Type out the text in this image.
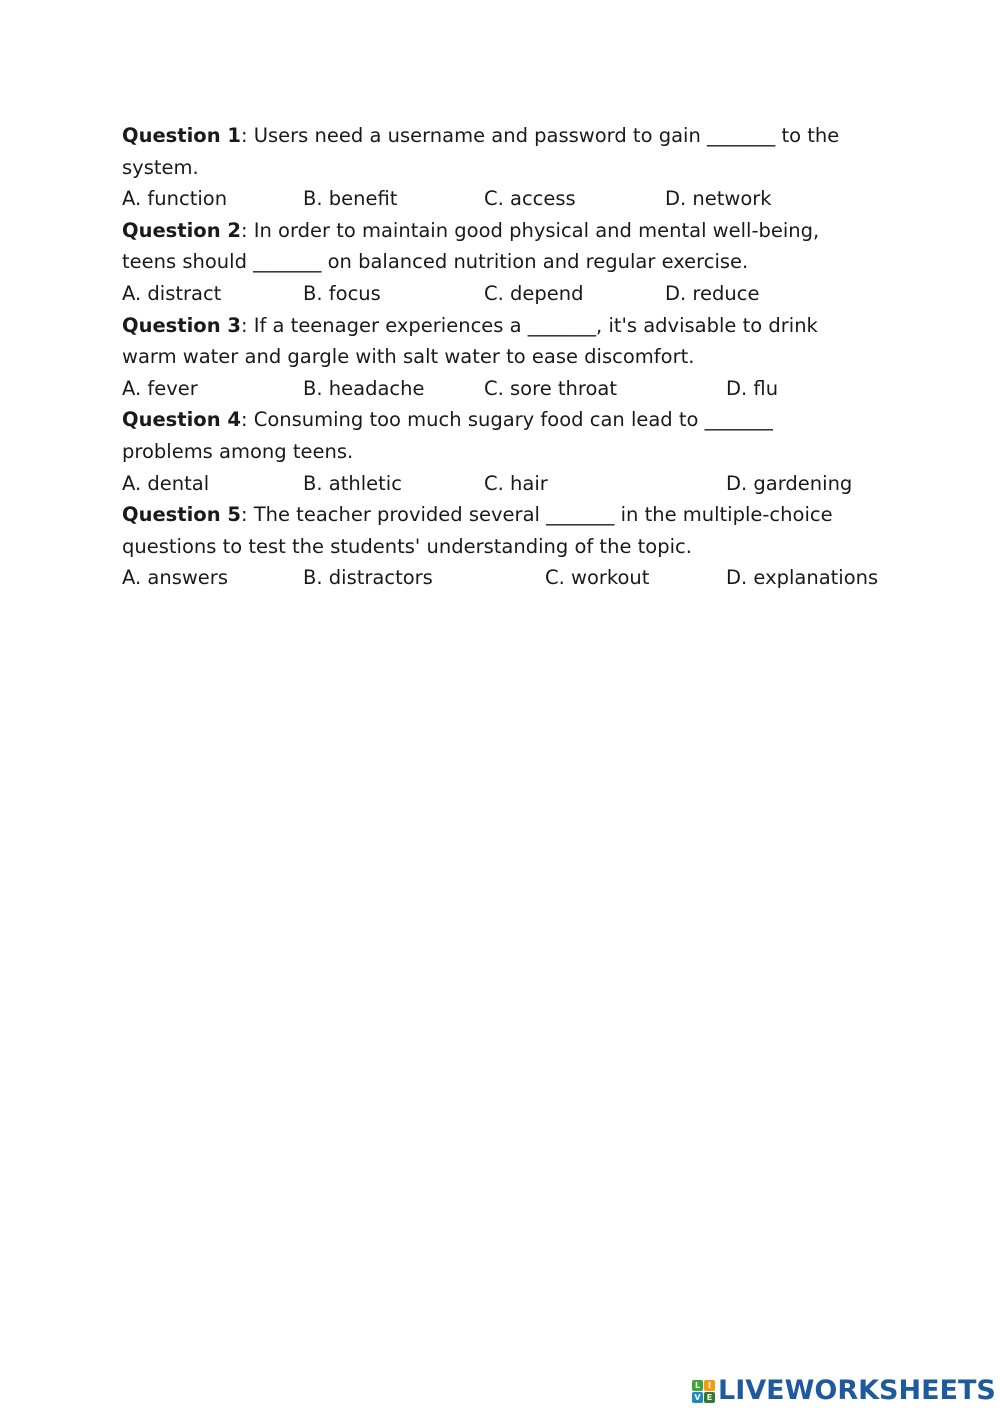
Question 1: Users need a username and password to gain _______ to the system.

A. function	B. benefit	C. access	D. network

Question 2: In order to maintain good physical and mental well-being, teens should _______ on balanced nutrition and regular exercise.

A. distract	B. focus	C. depend	D. reduce

Question 3: If a teenager experiences a _______, it's advisable to drink warm water and gargle with salt water to ease discomfort.

A. fever	B. headache	C. sore throat	D. flu

Question 4: Consuming too much sugary food can lead to _______ problems among teens.

A. dental	B. athletic	C. hair	D. gardening

Question 5: The teacher provided several _______ in the multiple-choice questions to test the students' understanding of the topic.

A. answers	B. distractors	C. workout	D. explanations
L I
V E LIVEWORKSHEETS
